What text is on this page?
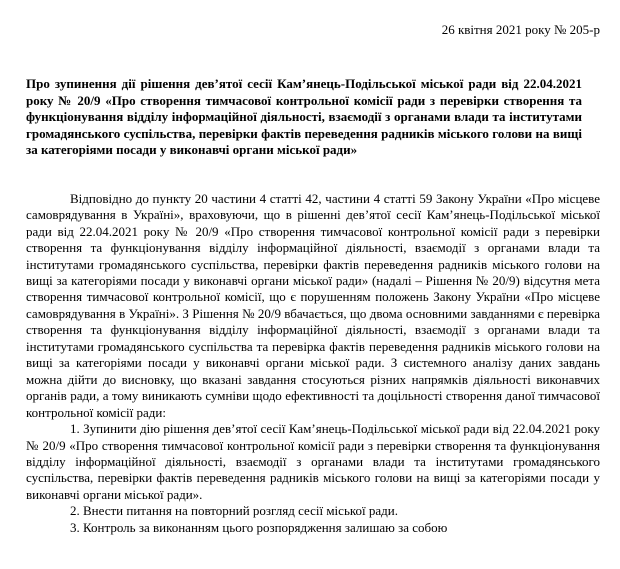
26 квітня 2021 року № 205-р

Про зупинення дії рішення дев’ятої сесії Кам’янець-Подільської міської ради від 22.04.2021 року № 20/9 «Про створення тимчасової контрольної комісії ради з перевірки створення та функціонування відділу інформаційної діяльності, взаємодії з органами влади та інститутами громадянського суспільства, перевірки фактів переведення радників міського голови на вищі за категоріями посади у виконавчі органи міської ради»

Відповідно до пункту 20 частини 4 статті 42, частини 4 статті 59 Закону України «Про місцеве самоврядування в Україні», враховуючи, що в рішенні дев’ятої сесії Кам’янець-Подільської міської ради від 22.04.2021 року № 20/9 «Про створення тимчасової контрольної комісії ради з перевірки створення та функціонування відділу інформаційної діяльності, взаємодії з органами влади та інститутами громадянського суспільства, перевірки фактів переведення радників міського голови на вищі за категоріями посади у виконавчі органи міської ради» (надалі – Рішення № 20/9) відсутня мета створення тимчасової контрольної комісії, що є порушенням положень Закону України «Про місцеве самоврядування в Україні». З Рішення № 20/9 вбачається, що двома основними завданнями є перевірка створення та функціонування відділу інформаційної діяльності, взаємодії з органами влади та інститутами громадянського суспільства та перевірка фактів переведення радників міського голови на вищі за категоріями посади у виконавчі органи міської ради. З системного аналізу даних завдань можна дійти до висновку, що вказані завдання стосуються різних напрямків діяльності виконавчих органів ради, а тому виникають сумніви щодо ефективності та доцільності створення даної тимчасової контрольної комісії ради:

1. Зупинити дію рішення дев’ятої сесії Кам’янець-Подільської міської ради від 22.04.2021 року № 20/9 «Про створення тимчасової контрольної комісії ради з перевірки створення та функціонування відділу інформаційної діяльності, взаємодії з органами влади та інститутами громадянського суспільства, перевірки фактів переведення радників міського голови на вищі за категоріями посади у виконавчі органи міської ради».

2. Внести питання на повторний розгляд сесії міської ради.

3. Контроль за виконанням цього розпорядження залишаю за собою
